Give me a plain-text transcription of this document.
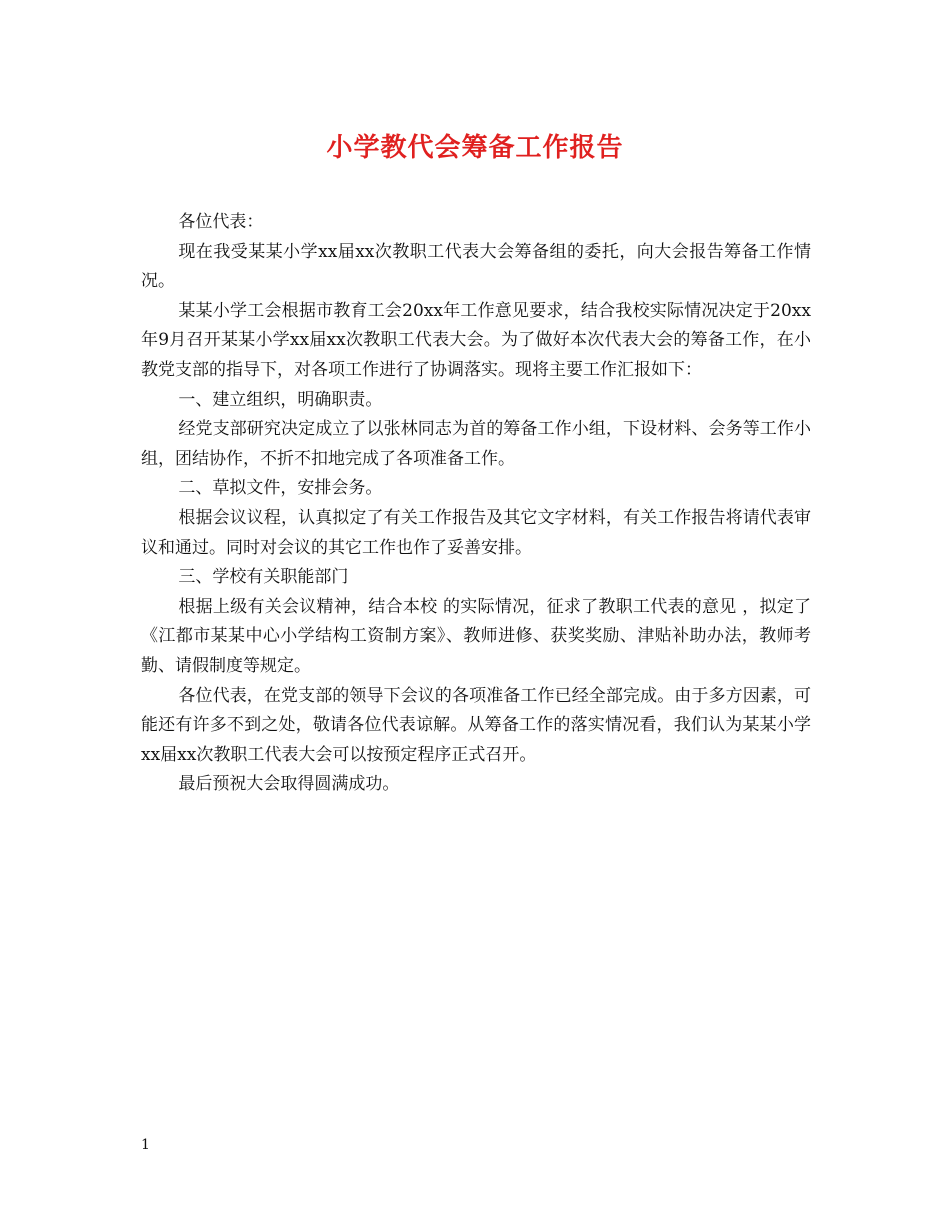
小学教代会筹备工作报告

各位代表：

现在我受某某小学xx届xx次教职工代表大会筹备组的委托，向大会报告筹备工作情况。

某某小学工会根据市教育工会20xx年工作意见要求，结合我校实际情况决定于20xx年9月召开某某小学xx届xx次教职工代表大会。为了做好本次代表大会的筹备工作，在小教党支部的指导下，对各项工作进行了协调落实。现将主要工作汇报如下：

一、建立组织，明确职责。

经党支部研究决定成立了以张林同志为首的筹备工作小组，下设材料、会务等工作小组，团结协作，不折不扣地完成了各项准备工作。

二、草拟文件，安排会务。

根据会议议程，认真拟定了有关工作报告及其它文字材料，有关工作报告将请代表审议和通过。同时对会议的其它工作也作了妥善安排。

三、学校有关职能部门

根据上级有关会议精神，结合本校 的实际情况，征求了教职工代表的意见 ，拟定了《江都市某某中心小学结构工资制方案》、教师进修、获奖奖励、津贴补助办法，教师考勤、请假制度等规定。

各位代表，在党支部的领导下会议的各项准备工作已经全部完成。由于多方因素，可能还有许多不到之处，敬请各位代表谅解。从筹备工作的落实情况看，我们认为某某小学xx届xx次教职工代表大会可以按预定程序正式召开。

最后预祝大会取得圆满成功。

1
